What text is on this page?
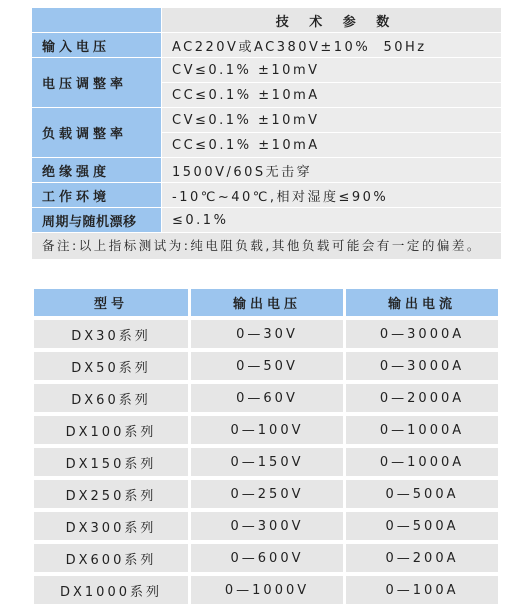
	技 术 参 数
输入电压	AC220V或AC380V±10%  50Hz
电压调整率	CV≤0.1% ±10mV
	CC≤0.1% ±10mA
负载调整率	CV≤0.1% ±10mV
	CC≤0.1% ±10mA
绝缘强度	1500V/60S无击穿
工作环境	-10℃~40℃,相对湿度≤90%
周期与随机漂移	≤0.1%
备注:以上指标测试为:纯电阻负载,其他负载可能会有一定的偏差。	
型号	输出电压	输出电流
DX30系列	0—30V	0—3000A
DX50系列	0—50V	0—3000A
DX60系列	0—60V	0—2000A
DX100系列	0—100V	0—1000A
DX150系列	0—150V	0—1000A
DX250系列	0—250V	0—500A
DX300系列	0—300V	0—500A
DX600系列	0—600V	0—200A
DX1000系列	0—1000V	0—100A
